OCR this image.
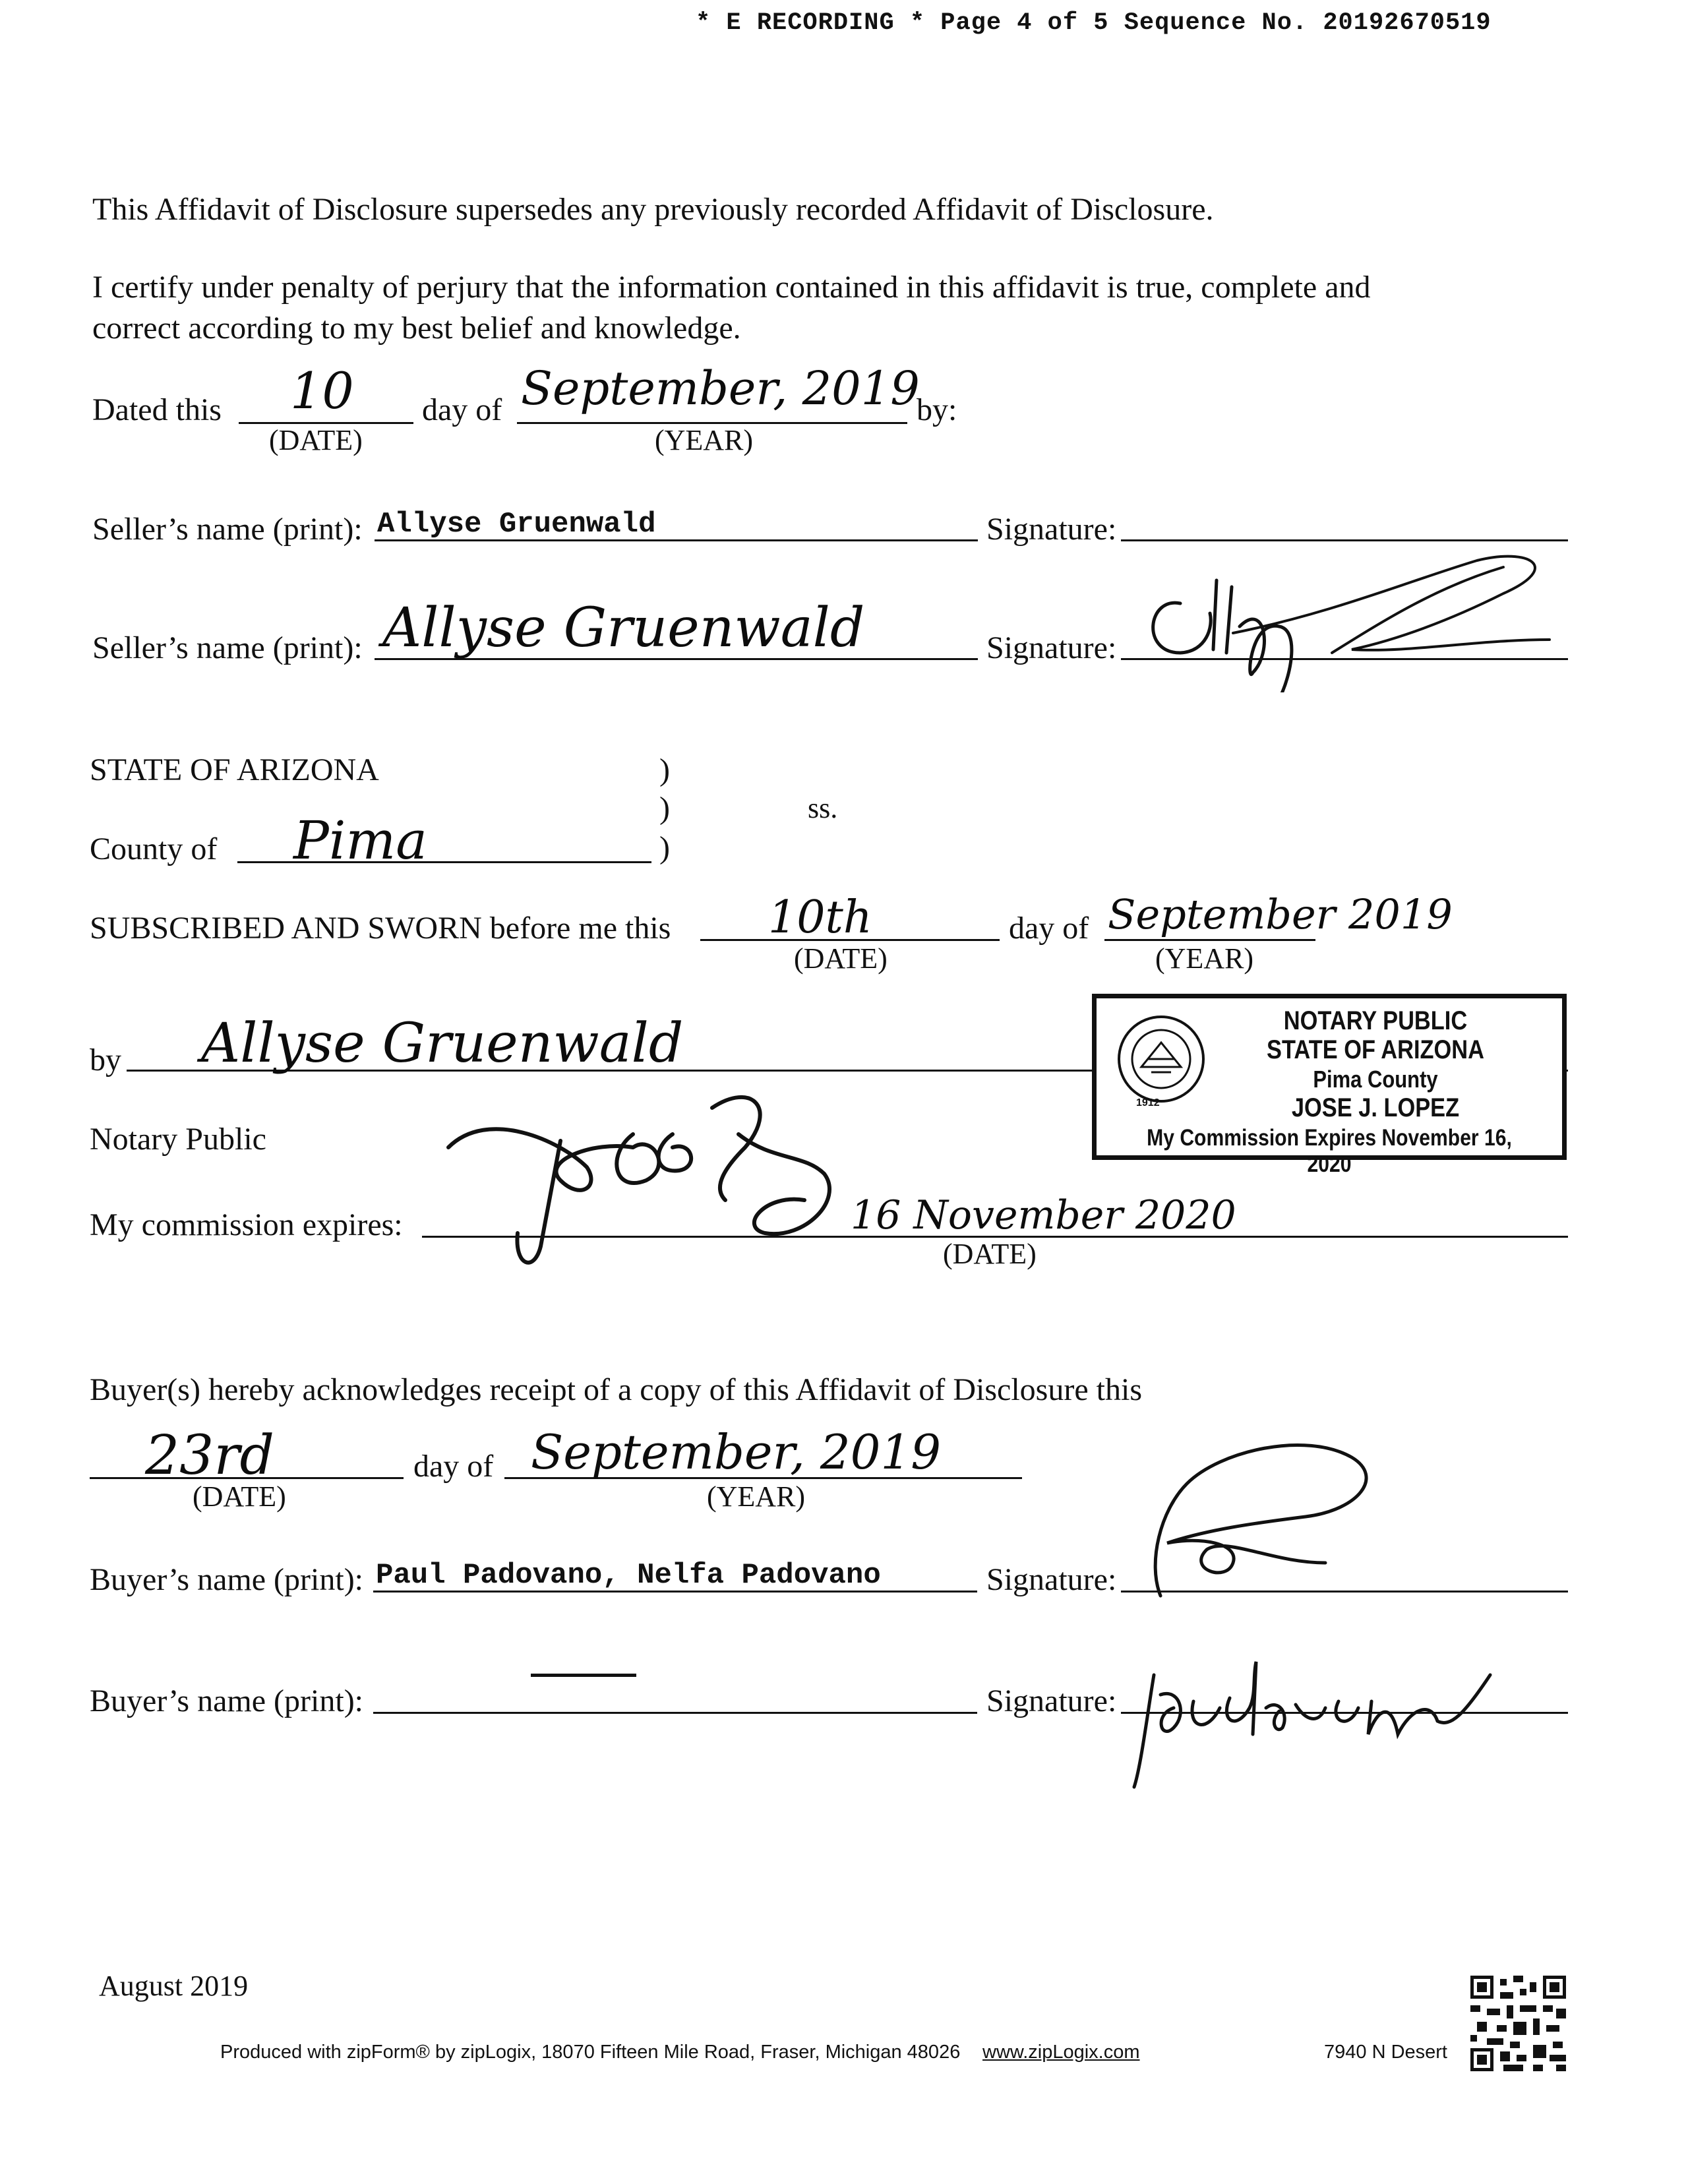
* E RECORDING * Page 4 of 5 Sequence No. 20192670519
This Affidavit of Disclosure supersedes any previously recorded Affidavit of Disclosure.
I certify under penalty of perjury that the information contained in this affidavit is true, complete and
correct according to my best belief and knowledge.
Dated this 10
(DATE)
day of September, 2019
(YEAR)
by:
Seller’s name (print): Allyse Gruenwald	Signature:
Seller’s name (print): Allyse Gruenwald	Signature:
STATE OF ARIZONA	)
)
)
ss.
County of Pima
SUBSCRIBED AND SWORN before me this 10th
(DATE)
day of September 2019
(YEAR)
by Allyse Gruenwald
Notary Public
My commission expires:	16 November 2020
(DATE)
1912
NOTARY PUBLIC
STATE OF ARIZONA
Pima County
JOSE J. LOPEZ
My Commission Expires November 16, 2020
Buyer(s) hereby acknowledges receipt of a copy of this Affidavit of Disclosure this
23rd
(DATE)
day of September, 2019
(YEAR)
Buyer’s name (print): Paul Padovano, Nelfa Padovano	Signature:
Buyer’s name (print):	Signature:
August 2019
Produced with zipForm® by zipLogix, 18070 Fifteen Mile Road, Fraser, Michigan 48026 www.zipLogix.com	7940 N Desert
